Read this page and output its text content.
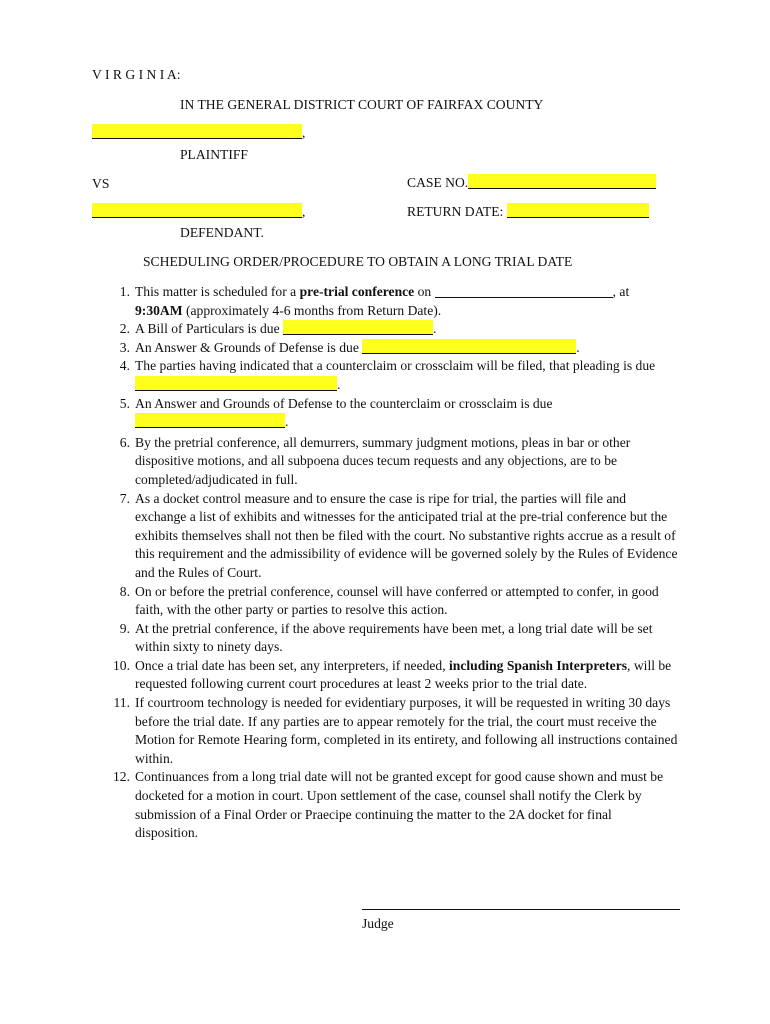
V I R G I N I A:
IN THE GENERAL DISTRICT COURT OF FAIRFAX COUNTY
,
PLAINTIFF
VS	CASE NO.
,	RETURN DATE:
DEFENDANT.
SCHEDULING ORDER/PROCEDURE TO OBTAIN A LONG TRIAL DATE
1. This matter is scheduled for a pre-trial conference on	, at
9:30AM (approximately 4-6 months from Return Date).
2. A Bill of Particulars is due	.
3. An Answer & Grounds of Defense is due	.
4. The parties having indicated that a counterclaim or crossclaim will be filed, that pleading is due .
5. An Answer and Grounds of Defense to the counterclaim or crossclaim is due .
6. By the pretrial conference, all demurrers, summary judgment motions, pleas in bar or other dispositive motions, and all subpoena duces tecum requests and any objections, are to be completed/adjudicated in full.
7. As a docket control measure and to ensure the case is ripe for trial, the parties will file and exchange a list of exhibits and witnesses for the anticipated trial at the pre-trial conference but the exhibits themselves shall not then be filed with the court. No substantive rights accrue as a result of this requirement and the admissibility of evidence will be governed solely by the Rules of Evidence and the Rules of Court.
8. On or before the pretrial conference, counsel will have conferred or attempted to confer, in good faith, with the other party or parties to resolve this action.
9. At the pretrial conference, if the above requirements have been met, a long trial date will be set within sixty to ninety days.
10. Once a trial date has been set, any interpreters, if needed, including Spanish Interpreters, will be requested following current court procedures at least 2 weeks prior to the trial date.
11. If courtroom technology is needed for evidentiary purposes, it will be requested in writing 30 days before the trial date. If any parties are to appear remotely for the trial, the court must receive the Motion for Remote Hearing form, completed in its entirety, and following all instructions contained within.
12. Continuances from a long trial date will not be granted except for good cause shown and must be docketed for a motion in court. Upon settlement of the case, counsel shall notify the Clerk by submission of a Final Order or Praecipe continuing the matter to the 2A docket for final disposition.
Judge
